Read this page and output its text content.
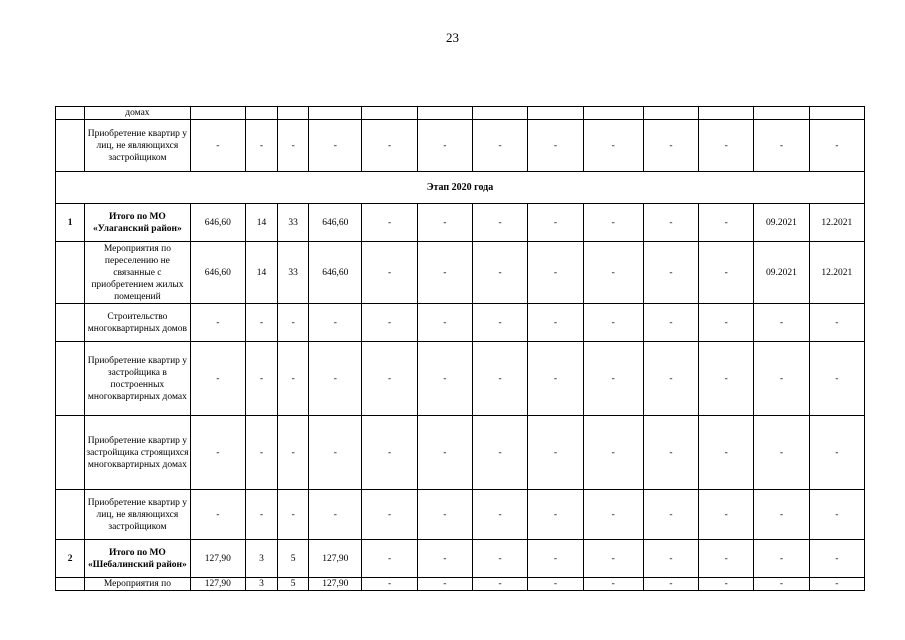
23
	домах													
	Приобретение квартир у лиц, не являющихся застройщиком	-	-	-	-	-	-	-	-	-	-	-	-	-
Этап 2020 года														
1	Итого по МО «Улаганский район»	646,60	14	33	646,60	-	-	-	-	-	-	-	09.2021	12.2021
	Мероприятия по переселению не связанные с приобретением жилых помещений	646,60	14	33	646,60	-	-	-	-	-	-	-	09.2021	12.2021
	Строительство многоквартирных домов	-	-	-	-	-	-	-	-	-	-	-	-	-
	Приобретение квартир у застройщика в построенных многоквартирных домах	-	-	-	-	-	-	-	-	-	-	-	-	-
	Приобретение квартир у застройщика строящихся многоквартирных домах	-	-	-	-	-	-	-	-	-	-	-	-	-
	Приобретение квартир у лиц, не являющихся застройщиком	-	-	-	-	-	-	-	-	-	-	-	-	-
2	Итого по МО «Шебалинский район»	127,90	3	5	127,90	-	-	-	-	-	-	-	-	-
	Мероприятия по	127,90	3	5	127,90	-	-	-	-	-	-	-	-	-
